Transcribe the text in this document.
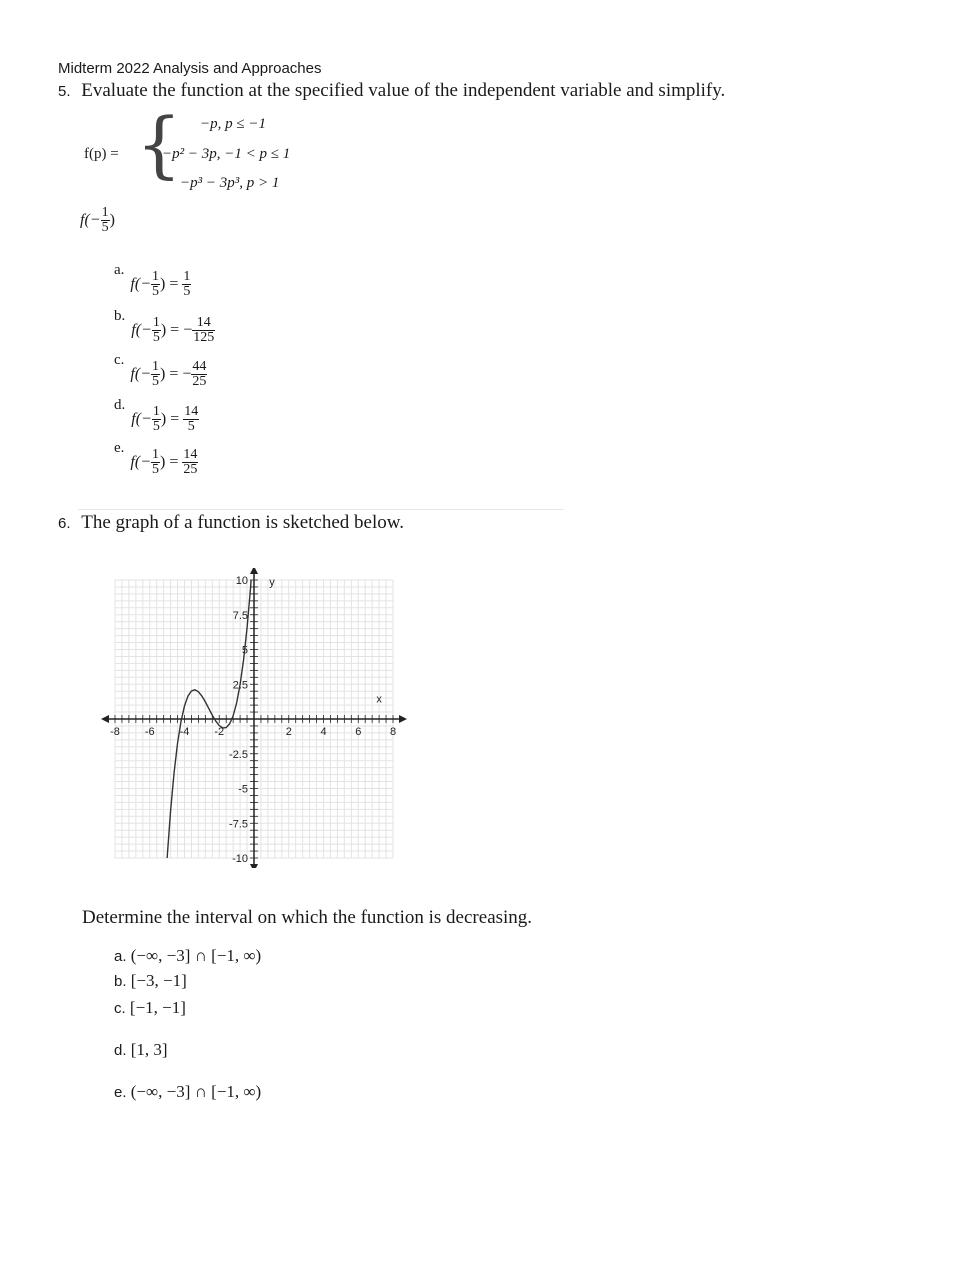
Midterm 2022 Analysis and Approaches
5. Evaluate the function at the specified value of the independent variable and simplify.
f(p) = { −p, p ≤ −1
−p² − 3p, −1 < p ≤ 1
−p³ − 3p³, p > 1
$f(- \frac{1}{5}$ )
$a.f(- \frac{1}{5}$ ) = $\frac{1}{5}$
$b.f(- \frac{1}{5}$ ) = − $\frac{14}{125}$
$c.f(- \frac{1}{5}$ ) = − $\frac{44}{25}$
$d.f(- \frac{1}{5}$ ) = $\frac{14}{5}$
$e.f(- \frac{1}{5}$ ) = $\frac{14}{25}$
6. The graph of a function is sketched below.
-8 -6 -4 -2	2	4	6	8
10
7.5
5
2.5
-2.5
-5
-7.5
-10
x
y
Determine the interval on which the function is decreasing.
a. (−∞, −3] ∩ [−1, ∞)
b. [−3, −1]
c. [−1, −1]
d. [1, 3]
e. (−∞, −3] ∩ [−1, ∞)
